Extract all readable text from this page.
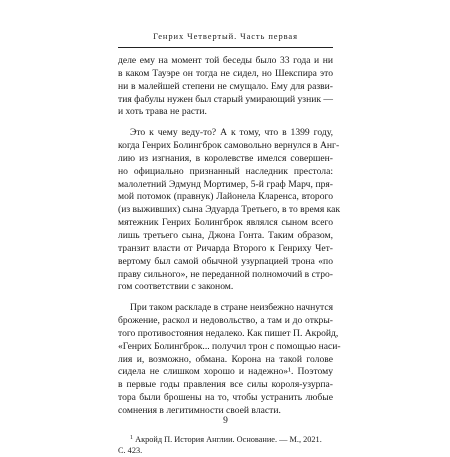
Генрих Четвертый. Часть первая
деле ему на момент той беседы было 33 года и ни
в каком Тауэре он тогда не сидел, но Шекспира это
ни в малейшей степени не смущало. Ему для разви-
тия фабулы нужен был старый умирающий узник —
и хоть трава не расти.
Это к чему веду-то? А к тому, что в 1399 году,
когда Генрих Болингброк самовольно вернулся в Анг-
лию из изгнания, в королевстве имелся совершен-
но официально признанный наследник престола:
малолетний Эдмунд Мортимер, 5-й граф Марч, пря-
мой потомок (правнук) Лайонела Кларенса, второго
(из выживших) сына Эдуарда Третьего, в то время как
мятежник Генрих Болингброк являлся сыном всего
лишь третьего сына, Джона Гонта. Таким образом,
транзит власти от Ричарда Второго к Генриху Чет-
вертому был самой обычной узурпацией трона «по
праву сильного», не переданной полномочий в стро-
гом соответствии с законом.
При таком раскладе в стране неизбежно начнутся
брожение, раскол и недовольство, а там и до откры-
того противостояния недалеко. Как пишет П. Акройд,
«Генрих Болингброк... получил трон с помощью наси-
лия и, возможно, обмана. Корона на такой голове
сидела не слишком хорошо и надежно»¹. Поэтому
в первые годы правления все силы короля-узурпа-
тора были брошены на то, чтобы устранить любые
сомнения в легитимности своей власти.
$^1$ Акройд П. История Англии. Основание. — М., 2021.
С. 423.
9
